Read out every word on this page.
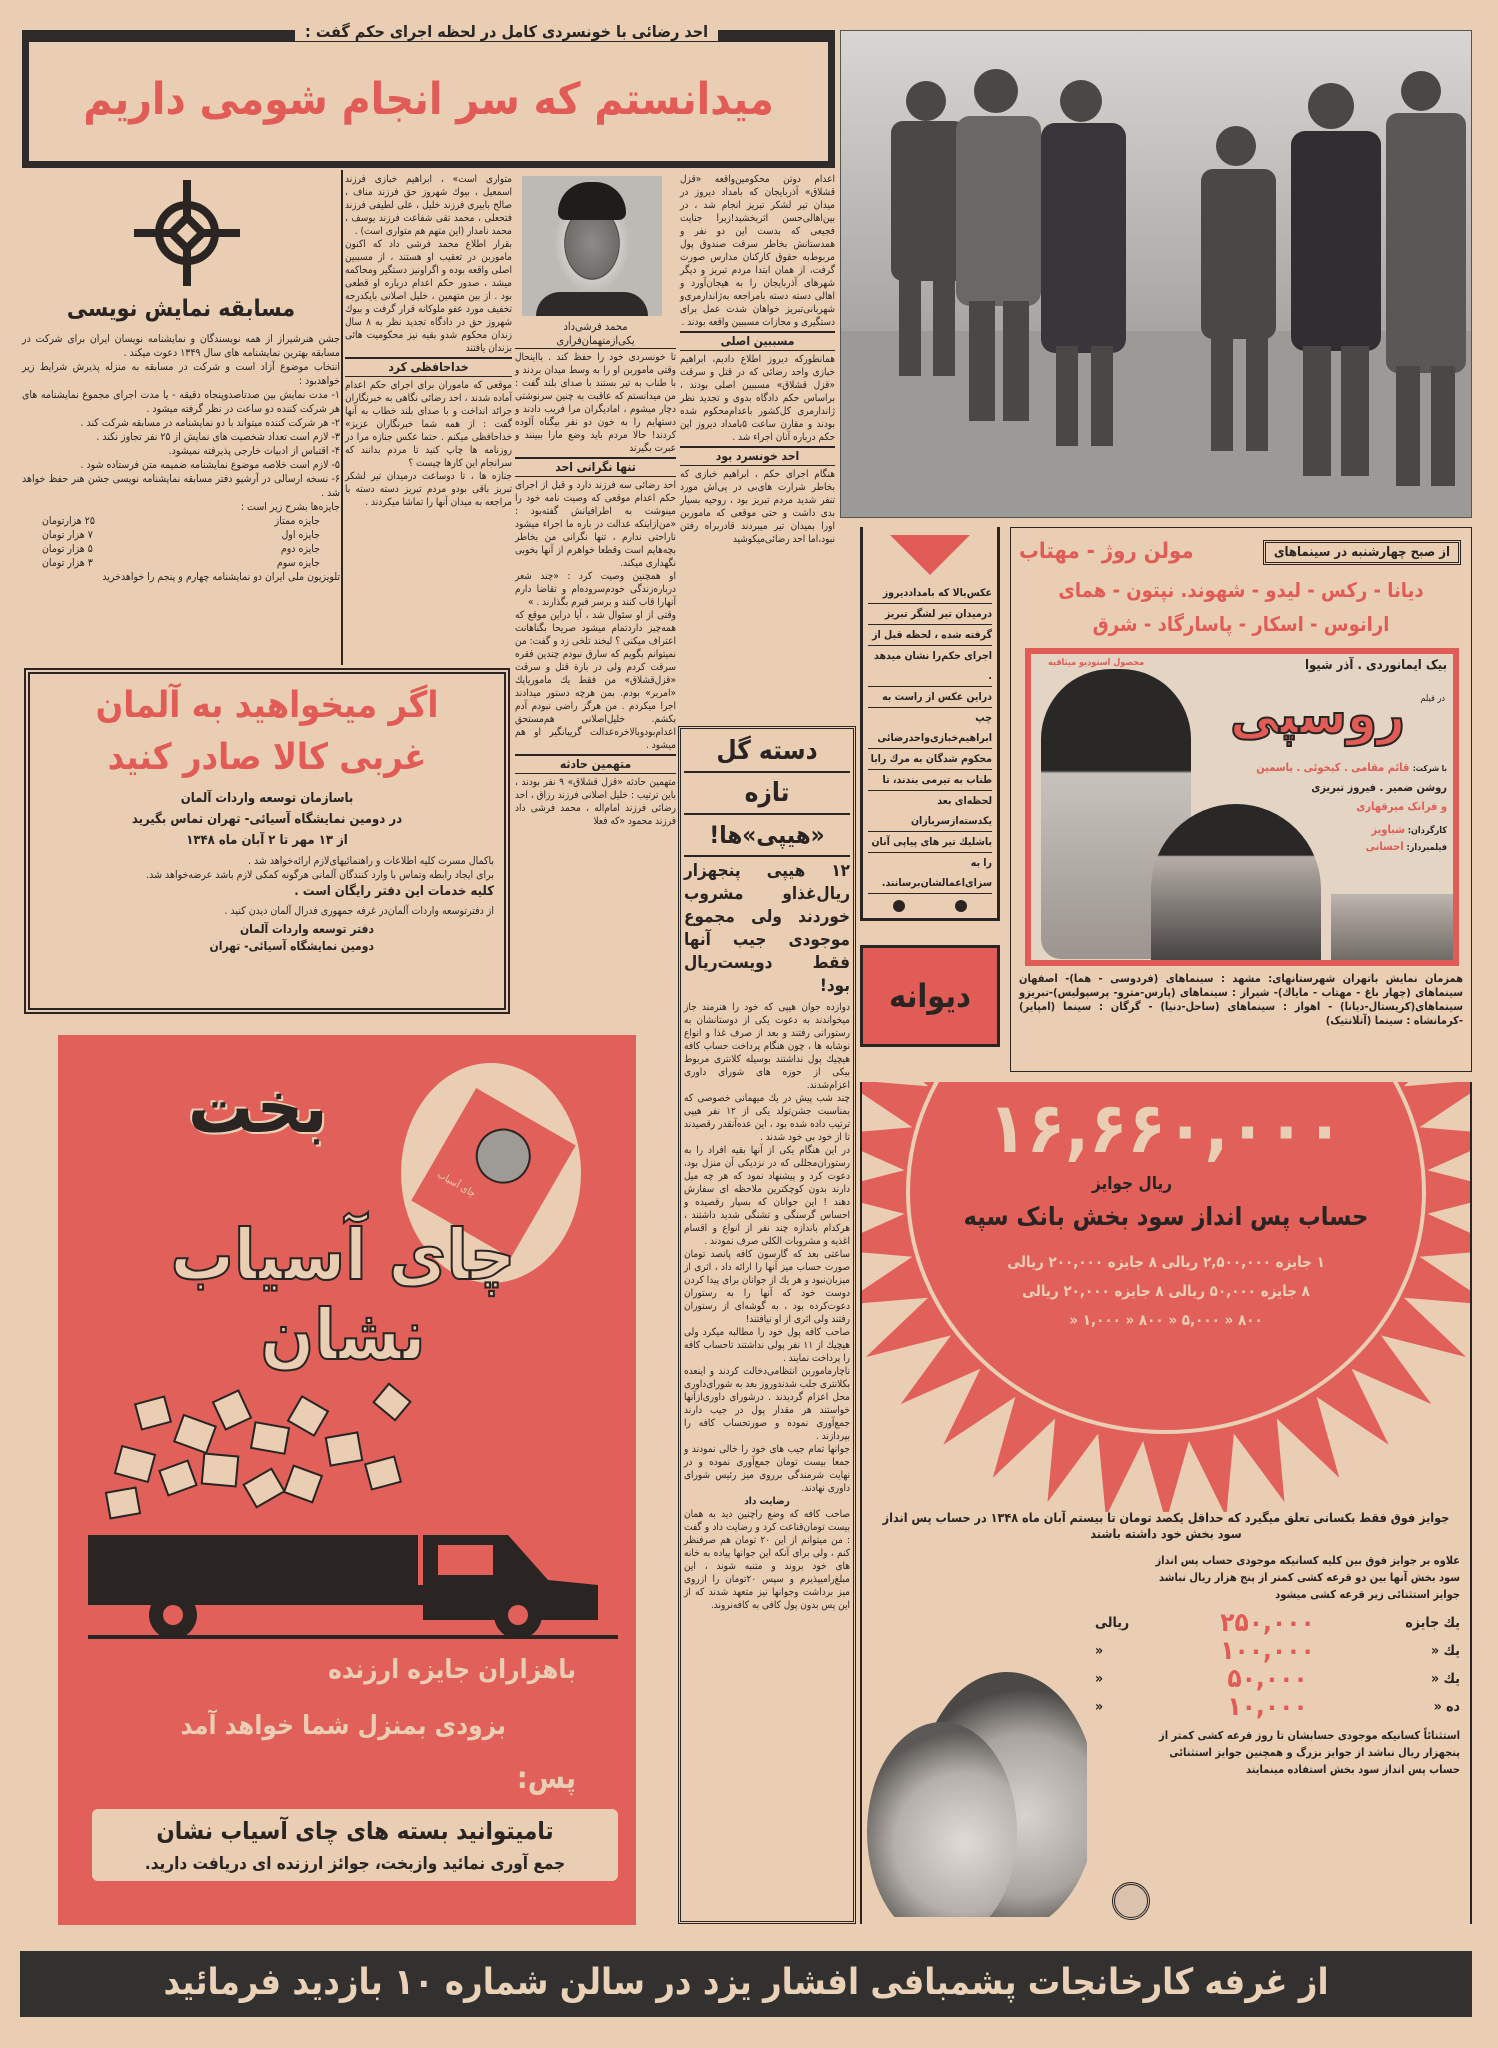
احد رضائی با خونسردی کامل در لحظه اجرای حکم گفت :
میدانستم که سر انجام شومی داریم
مسابقه نمایش نویسی

جشن هنرشیراز از همه نویسندگان و نمایشنامه نویسان ایران برای شرکت در مسابقه بهترین نمایشنامه های سال ۱۳۴۹ دعوت میکند .

انتخاب موضوع آزاد است و شرکت در مسابقه به منزله پذیرش شرایط زیر خواهدبود :

۱- مدت نمایش بین صدتاصدوپنجاه دقیقه - یا مدت اجرای مجموع نمایشنامه های هر شرکت کننده دو ساعت در نظر گرفته میشود .

۲- هر شرکت کننده میتواند با دو نمایشنامه در مسابقه شرکت کند .

۳- لازم است تعداد شخصیت های نمایش از ۲۵ نفر تجاوز نکند .

۴- اقتباس از ادبیات خارجی پذیرفته نمیشود.

۵- لازم است خلاصه موضوع نمایشنامه ضمیمه متن فرستاده شود .

۶- نسخه ارسالی در آرشیو دفتر مسابقه نمایشنامه نویسی جشن هنر حفظ خواهد شد .

جایزه‌ها بشرح زیر است :

جایزه ممتاز
۲۵ هزارتومان
جایزه اول
۷ هزار تومان
جایزه دوم
۵ هزار تومان
جایزه سوم
۳ هزار تومان
تلویزیون ملی ایران دو نمایشنامه چهارم و پنجم را خواهدخرید

متواری است» ، ابراهیم خبازی فرزند اسمعیل ، بیوك شهروز حق فرزند مناف ، صالح بابیری فرزند خلیل ، علی لطیفی فرزند فتحعلی ، محمد تقی شفاعت فرزند یوسف ، محمد نامدار (این متهم هم متواری است) .

بقرار اطلاع محمد فرشی داد که اکنون ماموربن در تعقیب او هستند ، از مسببین اصلی واقعه بوده و اگراونیز دستگیر ومحاکمه میشد ، صدور حکم اعدام درباره او قطعی بود . از بین متهمین ، خلیل اصلانی بایکدرجه تخفیف مورد عفو ملوکانه قرار گرفت و بیوك شهروز حق در دادگاه تجدید نظر به ۸ سال زندان محکوم شدو بقیه نیز محکومیت هائی بزندان یافتند

خداحافظی کرد

موقعی که ماموران برای اجرای حکم اعدام آماده شدند ، احد رضائی نگاهی به خبرنگاران جرائد انداخت و با صدای بلند خطاب به آنها گفت : از همه شما خبرنگاران عزیز» خداحافظی میکنم . حتما عکس جنازه مرا در روزنامه ها چاپ کنید تا مردم بدانند که سرانجام این کارها چیست ؟

جنازه ها ، تا دوساعت درمیدان تیر لشکر تبریز باقی بودو مردم تبریز دسته دسته با مراجعه به میدان آنها را تماشا میکردند .

محمد فرشی‌داد
یکی‌ازمتهمان‌فراری

تا خونسردی خود را حفظ کند . بااینحال وقتی ماموربن او را به وسط میدان بردند و با طناب به تیر بستند با صدای بلند گفت : من میدانستم که عاقبت به چنین سرنوشتی دچار میشوم ، امادیگران مرا فریب دادند و دستهایم را به خون دو نفر بیگناه آلوده کردند! حالا مردم باید وضع مارا ببینند و عبرت بگیرند

تنها نگرانی احد

احد رضائی سه فرزند دارد و قبل از اجرای حکم اعدام موقعی که وصیت نامه خود را مینوشت به اطرافیانش گفته‌بود : «من‌ازاینکه عدالت در باره ما اجراء میشود ناراحتی ندارم ، تنها نگرانی من بخاطر بچه‌هایم است وقطعا خواهرم از آنها بخوبی نگهداری میکند.

او همچنین وصیت کرد : «چند شعر درباره‌زندگی خودم‌سروده‌ام و تقاضا دارم آنهارا قاب کنند و برسر قبرم بگذارند . »

وقتی از او سئوال شد ، آیا دراین موقع که همه‌چیز داردتمام میشود صریحا بگناهانت اعتراف میکنی ؟ لبخند تلخی زد و گفت: من نمیتوانم بگویم که سارق نبودم چندین فقره سرقت کردم ولی در بارة قتل و سرقت «قزل‌قشلاق» من فقط یك ماموریایك «امربر» بودم. بمن هرچه دستور میدادند اجرا میکردم . من هرگز راضی نبودم آدم بکشم. خلیل‌اصلانی هم‌مستحق اعدام‌بودوبالاخره‌عدالت گریبانگیر او هم میشود .

متهمین حادثه

متهمین حادثه «قزل قشلاق» ۹ نفر بودند ، باین ترتیب : خلیل اصلانی فرزند رزاق ، احد رضائی فرزند امام‌اله ، محمد فرشی داد فرزند محمود «که فعلا

اعدام دوتن محکومین‌واقعه «قزل قشلاق» آذربایجان که بامداد دیروز در میدان تیر لشکر تبریز انجام شد ، در بین‌اهالی‌حسن اثربخشید!زیرا جنایت فجیعی که بدست این دو نفر و همدستانش بخاطر سرقت صندوق پول مربوط‌به حقوق کارکنان مدارس صورت گرفت، از همان ابتدا مردم تبریز و دیگر شهرهای آذربایجان را به هیجان‌آورد و اهالی دسته دسته بامراجعه به‌ژاندارمری‌و شهربانی‌تبریز خواهان شدت عمل برای دستگیری و مجازات مسببین واقعه بودند .

مسببین اصلی

همانطورکه دیروز اطلاع دادیم، ابراهیم خبازی واحد رضائی که در قتل و سرقت «قزل قشلاق» مسببین اصلی بودند ، براساس حکم دادگاه بدوی و تجدید نظر ژاندارمری کل‌کشور باعدام‌محکوم شده بودند و مقارن ساعت ۵بامداد دیروز این حکم درباره آنان اجراء شد .

احد خونسرد بود

هنگام اجرای حکم ، ابراهیم خبازی که بخاطر شرارت های‌بی در پی‌اش مورد تنفر شدید مردم تبریز بود ، روحیه بسیار بدی داشت و حتی موقعی که ماموربن اورا بمیدان تیر میبردند قادربراه رفتن نبود،اما احد رضائی‌میکوشید

دسته گل
تازه
«هیپی»ها!
۱۲ هیپی پنجهزار ریال‌غذاو مشروب خوردند ولی مجموع موجودی جیب آنها فقط دویست‌ریال بود!

دوازده جوان هیپی که خود را هنرمند جاز میخواندند به دعوت یکی از دوستانشان به رستورانی رفتند و بعد از صرف غذا و انواع نوشابه ها ، چون هنگام پرداخت حساب کافه هیچیك پول نداشتند بوسیله کلانتری مربوط بیکی از حوزه های شورای داوری اعزام‌شدند.

چند شب پیش در یك میهمانی خصوصی که بمناسبت جشن‌تولد یکی از ۱۲ نفر هیپی ترتیب داده شده بود ، این عده‌آنقدر رقصیدند تا از خود بی خود شدند .

در این هنگام یکی از آنها بقیه افراد را به رستوران‌مجللی که در نزدیکی آن منزل بود، دعوت کرد و پیشنهاد نمود که هر چه میل دارند بدون کوچکترین ملاحظه ای سفارش دهند ! این جوانان که بسیار رقصیده و احساس گرسنگی و تشنگی شدید داشتند ، هرکدام باندازه چند نفر از انواع و اقسام اغذیه و مشروبات الکلی صرف نمودند .

ساعتی بعد که گارسون کافه پانصد تومان صورت حساب میز آنها را ارائه داد ، اثری از میزبان‌نبود و هر یك از جوانان برای پیدا کردن دوست خود که آنها را به رستوران دعوت‌کرده بود ، به گوشه‌ای از رستوران رفتند ولی اثری از او نیافتند!

صاحب کافه پول خود را مطالبه میکرد ولی هیچیك از ۱۱ نفر پولی نداشتند تاحساب کافه را پرداخت نمایند .

ناچارماموربن انتظامی‌دخالت کردند و اینعده بکلانتری جلب شدندوروز بعد به شورای‌داوری محل اعزام گردیدند . درشورای داوری‌ازآنها خواستند هر مقدار پول در جیب دارند جمع‌آوری نموده و صورتحساب کافه را بپردازند .

جوانها تمام جیب های خود را خالی نمودند و جمعا بیست تومان جمع‌آوری نموده و در نهایت شرمندگی برروی میز رئیس شورای داوری نهادند.

رضایت داد

صاحب کافه که وضع راچنین دید به همان بیست تومان‌قناعت کرد و رضایت داد و گفت : من میتوانم از این ۲۰ تومان هم صرفنظر کنم ، ولی برای آنکه این جوانها پیاده به خانه های خود بروند و متنبه شوند ، این مبلغ‌رامیپذیرم و سپس ۲۰تومان را ازروی میز برداشت وجوانها نیز متعهد شدند که از این پس بدون پول کافی به کافه‌نروند.

عکس‌بالا که بامداددیروز
درمیدان تیر لشگر تبریز
گرفته شده ، لحظه قبل از
اجرای حکم‌را نشان میدهد .
دراین عکس از راست به
چپ ابراهیم‌خبازی‌واحدرضائی
محکوم شدگان به مرك رابا
طناب به تیرمی بندند، تا
لحظه‌ای بعد یکدسته‌ازسربازان
باشلیك تیر های پیاپی آنان
را به سزای‌اعمالشان‌برسانند.
دیوانه
از صبح چهارشنبه در سینماهای
مولن روژ - مهتاب
دیانا - رکس - لیدو - شهوند. نپتون - همای
ارانوس - اسکار - پاسارگاد - شرق
بیک ایمانوردی . آذر شیوا
محصول استودیو میثاقیه
در فیلم
روسپی
با شرکت: قائم مقامی . کیخوئی . یاسمین
روشن ضمیر . فیروز تبریزی
و فرانک میرقهاری
کارگردان: شباویز
فیلمبردار: احسانی
همزمان نمایش باتهران شهرستانهای: مشهد : سینماهای (فردوسی - هما)- اصفهان سینماهای (چهار باغ - مهتاب - مایاك)- شیراز : سینماهای (پارس-مترو- پرسپولیس)-تبریزو سینماهای(کریستال-دیانا) - اهواز : سینماهای (ساحل-دنیا) - گرگان : سینما (امپایر) -کرمانشاه : سینما (آتلانتیک)
اگر میخواهید به آلمان
غربی کالا صادر کنید
باسازمان توسعه واردات آلمان
در دومین نمایشگاه آسیائی- تهران تماس بگیرید
از ۱۳ مهر تا ۲ آبان ماه ۱۳۴۸
باکمال مسرت کلیه اطلاعات و راهنمائیهای‌لازم ارائه‌خواهد شد .
برای ایجاد رابطه وتماس با وارد کنندگان آلمانی هرگونه کمکی لازم باشد عرضه‌خواهد شد.
کلیه خدمات این دفتر رایگان است .
از دفترتوسعه واردات آلمان‌در غرفه جمهوری فدرال آلمان دیدن کنید .
دفتر توسعه واردات آلمان
دومین نمایشگاه آسیائی- تهران
چای آسیاب
بخت
چای آسیاب نشان
باهزاران جایزه ارزنده
بزودی بمنزل شما خواهد آمد
پس:
تامیتوانید بسته های چای آسیاب نشان
جمع آوری نمائید وازبخت، جوائز ارزنده ای دریافت دارید.
۱۶,۶۶۰,۰۰۰
ریال جوایز
حساب پس انداز سود بخش بانک سپه
۱ جایزه ۲,۵۰۰,۰۰۰ ریالی ۸ جایزه ۲۰۰,۰۰۰ ریالی
۸ جایزه ۵۰,۰۰۰ ریالی ۸ جایزه ۲۰,۰۰۰ ریالی
۸۰۰ « ۵,۰۰۰ « ۸۰۰ « ۱,۰۰۰ «
جوایز فوق فقط بکسانی تعلق میگیرد که حداقل یکصد تومان تا بیستم آبان ماه ۱۳۴۸ در حساب پس انداز سود بخش خود داشته باشند
علاوه بر جوایز فوق بین کلیه کسانیکه موجودی حساب پس انداز
سود بخش آنها بین دو قرعه کشی کمتر از پنج هزار ریال نباشد
جوایز استثنائی زیر قرعه کشی میشود
یك جایزه
۲۵۰,۰۰۰
ریالی
یك «
۱۰۰,۰۰۰
«
یك «
۵۰,۰۰۰
«
ده «
۱۰,۰۰۰
«
استثنائاً کسانیکه موجودی حسابشان تا روز قرعه کشی کمتر از
پنجهزار ریال نباشد از جوایز بزرگ و همچنین جوایز استثنائی
حساب پس انداز سود بخش استفاده مینمایند
از غرفه کارخانجات پشمبافی افشار یزد در سالن شماره ۱۰ بازدید فرمائید
